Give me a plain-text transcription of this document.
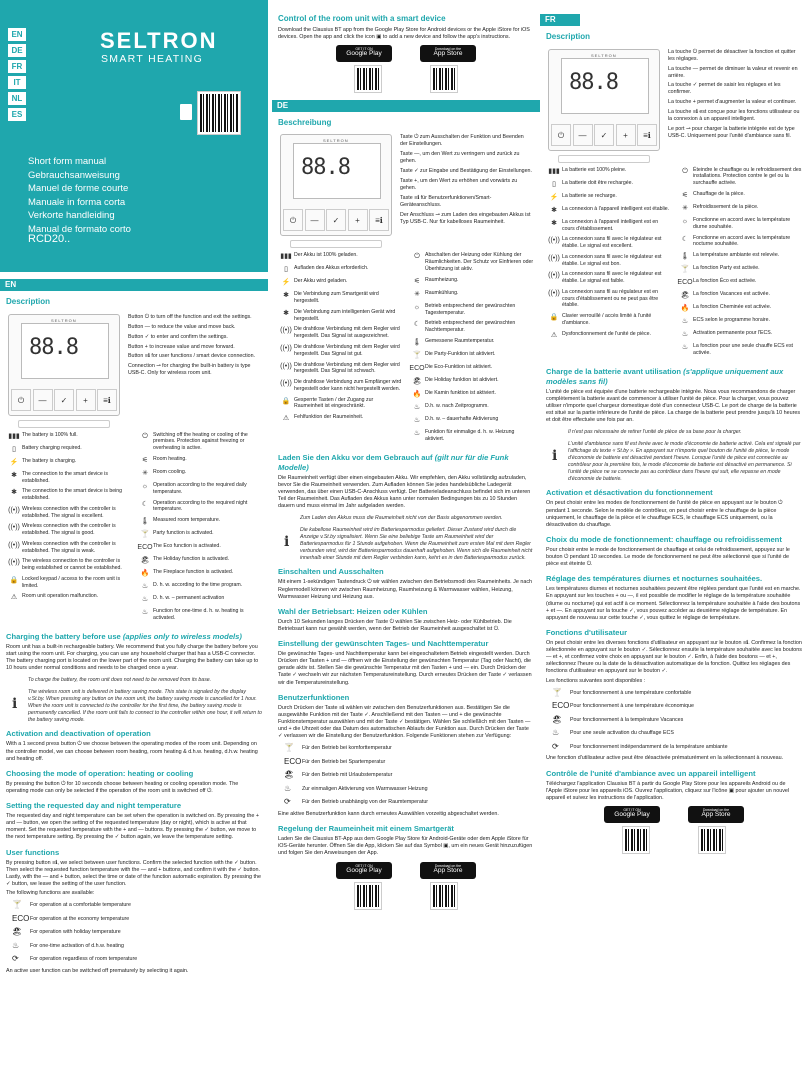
EN
DE
FR
IT
NL
ES
SELTRON
SMART HEATING
Short form manual
Gebrauchsanweisung
Manuel de forme courte
Manuale in forma corta
Verkorte handleiding
Manual de formato corto
RCD20..
EN
Description
SELTRON
88.8
⏻	—	✓	+	≡ℹ
Button ⏻ to turn off the function and exit the settings.
Button — to reduce the value and move back.
Button ✓ to enter and confirm the settings.
Button + to increase value and move forward.
Button ≡ℹ for user functions / smart device connection.
Connection ⊸ for charging the built-in battery is type USB-C. Only for wireless room unit.
▮▮▮ The battery is 100% full.
▯	Battery charging required.
⚡ The battery is charging.
✱ The connection to the smart device is established.
✱ The connection to the smart device is being established.
((•)) Wireless connection with the controller is established. The signal is excellent.
((•)) Wireless connection with the controller is established. The signal is good.
((•)) Wireless connection with the controller is established. The signal is weak.
((•)) The wireless connection to the controller is being established or cannot be established.
🔒 Locked keypad / access to the room unit is limited.
⚠ Room unit operation malfunction.
⏻	Switching off the heating or cooling of the premises. Protection against freezing or overheating is active.
⚟ Room heating.
✳ Room cooling.
☼ Operation according to the required daily temperature.
☾ Operation according to the required night temperature.
🌡 Measured room temperature.
🍸 Party function is activated.
ECO The Eco function is activated.
🏖 The Holiday function is activated.
🔥 The Fireplace function is activated.
♨ D. h. w. according to the time program.
♨ D. h. w. – permanent activation
♨ Function for one-time d. h. w. heating is activated.
Charging the battery before use (applies only to wireless models)

Room unit has a built-in rechargeable battery. We recommend that you fully charge the battery before you start using the room unit. For charging, you can use any household charger that has a USB-C connector. The battery charging port is located on the lower part of the room unit. Charging the battery can take up to 10 hours under normal conditions and needs to be charged once a year.

To charge the battery, the room unit does not need to be removed from its base.

i
The wireless room unit is delivered in battery saving mode. This state is signaled by the display v.St.by. When pressing any button on the room unit, the battery saving mode is cancelled for 1 hour. When the room unit is connected to the controller for the first time, the battery saving mode is permanently cancelled. If the room unit fails to connect to the controller within one hour, it will return to the battery saving mode.
Activation and deactivation of operation

With a 1 second press button ⏻ we choose between the operating modes of the room unit. Depending on the controller model, we can choose between room heating, room heating & d.h.w. heating, d.h.w. heating and heating off.

Choosing the mode of operation: heating or cooling

By pressing the button ⏻ for 10 seconds choose between heating or cooling operation mode. The operating mode can only be selected if the operation of the room unit is switched off ⏻.

Setting the requested day and night temperature

The requested day and night temperature can be set when the operation is switched on. By pressing the + and — button, we open the setting of the requested temperature (day or night), which is active at that moment. Set the requested temperature with the + and — buttons. By pressing the ✓ button, we move to the next temperature setting. By pressing the ✓ button again, we leave the temperature setting.

User functions

By pressing button ≡ℹ, we select between user functions. Confirm the selected function with the ✓ button. Then select the requested function temperature with the — and + buttons, and confirm it with the ✓ button. Lastly, with the — and + button, select the time or date of the function automatic expiration. By pressing the ✓ button, we leave the setting of the user function.

The following functions are available:

🍸	For operation at a comfortable temperature
ECO For operation at the economy temperature
🏖	For operation with holiday temperature
♨	For one-time activation of d.h.w. heating
⟳	For operation regardless of room temperature

An active user function can be switched off prematurely by selecting it again.

Control of the room unit with a smart device

Download the Clausius BT app from the Google Play Store for Android devices or the Apple iStore for iOS devices. Open the app and click the icon ▣ to add a new device and follow the app's instructions.

GET IT ON
Google Play
Download on the
App Store
DE
Beschreibung
SELTRON
88.8
⏻	—	✓	+	≡ℹ
Taste ⏻ zum Ausschalten der Funktion und Beenden der Einstellungen.
Taste —, um den Wert zu verringern und zurück zu gehen.
Taste ✓ zur Eingabe und Bestätigung der Einstellungen.
Taste +, um den Wert zu erhöhen und vorwärts zu gehen.
Taste ≡ℹ für Benutzerfunktionen/Smart-Geräteanschluss.
Der Anschluss ⊸ zum Laden des eingebauten Akkus ist Typ USB-C. Nur für kabelloses Raumeinheit.
▮▮▮ Der Akku ist 100% geladen.
▯	Aufladen des Akkus erforderlich.
⚡ Der Akku wird geladen.
✱ Die Verbindung zum Smartgerät wird hergestellt.
✱ Die Verbindung zum intelligenten Gerät wird hergestellt.
((•)) Die drahtlose Verbindung mit dem Regler wird hergestellt. Das Signal ist ausgezeichnet.
((•)) Die drahtlose Verbindung mit dem Regler wird hergestellt. Das Signal ist gut.
((•)) Die drahtlose Verbindung mit dem Regler wird hergestellt. Das Signal ist schwach.
((•)) Die drahtlose Verbindung zum Empfänger wird hergestellt oder kann nicht hergestellt werden.
🔒 Gesperrte Tasten / der Zugang zur Raumeinheit ist eingeschränkt.
⚠ Fehlfunktion der Raumeinheit.
⏻	Abschalten der Heizung oder Kühlung der Räumlichkeiten. Der Schutz vor Einfrieren oder Überhitzung ist aktiv.
⚟ Raumheizung.
✳ Raumkühlung.
☼ Betrieb entsprechend der gewünschten Tagestemperatur.
☾ Betrieb entsprechend der gewünschten Nachttemperatur.
🌡 Gemessene Raumtemperatur.
🍸 Die Party-Funktion ist aktiviert.
ECO Die Eco-Funktion ist aktiviert.
🏖 Die Holiday funktion ist aktiviert.
🔥 Die Kamin funktion ist aktiviert.
♨ D.h. w. nach Zeitprogramm.
♨ D.h. w. – dauerhafte Aktivierung
♨ Funktion für einmalige d. h. w. Heizung aktiviert.
Laden Sie den Akku vor dem Gebrauch auf (gilt nur für die Funk Modelle)

Die Raumeinheit verfügt über einen eingebauten Akku. Wir empfehlen, den Akku vollständig aufzuladen, bevor Sie die Raumeinheit verwenden. Zum Aufladen können Sie jedes handelsübliche Ladegerät verwenden, das über einen USB-C-Anschluss verfügt. Der Batterieladeanschluss befindet sich im unteren Teil der Raumeinheit. Das Aufladen des Akkus kann unter normalen Bedingungen bis zu 10 Stunden dauern und muss einmal im Jahr aufgeladen werden.

Zum Laden des Akkus muss die Raumeinheit nicht von der Basis abgenommen werden.

i
Die kabellose Raumeinheit wird im Batteriesparmodus geliefert. Dieser Zustand wird durch die Anzeige v.St.by signalisiert. Wenn Sie eine beliebige Taste am Raumeinheit wird der Batteriesparmodus für 1 Stunde aufgehoben. Wenn die Raumeinheit zum ersten Mal mit dem Regler verbunden wird, wird der Batteriesparmodus dauerhaft aufgehoben. Wenn sich die Raumeinheit nicht innerhalb einer Stunde mit dem Regler verbinden kann, kehrt es in den Batteriesparmodus zurück.
Einschalten und Ausschalten

Mit einem 1-sekündigen Tastendruck ⏻ wir wählen zwischen den Betriebsmodi des Raumeinheits. Je nach Reglermodell können wir zwischen Raumheizung, Raumheizung & Warmwasser wählen, Heizung, Warmwasser Heizung und Heizung aus.

Wahl der Betriebsart: Heizen oder Kühlen

Durch 10 Sekunden langes Drücken der Taste ⏻ wählen Sie zwischen Heiz- oder Kühlbetrieb. Die Betriebsart kann nur gewählt werden, wenn der Betrieb der Raumeinheit ausgeschaltet ist ⏻.

Einstellung der gewünschten Tages- und Nachttemperatur

Die gewünschte Tages- und Nachttemperatur kann bei eingeschaltetem Betrieb eingestellt werden. Durch Drücken der Tasten + und — öffnen wir die Einstellung der gewünschten Temperatur (Tag oder Nacht), die gerade aktiv ist. Stellen Sie die gewünschte Temperatur mit den Tasten + und — ein. Durch Drücken der Taste ✓ wechseln wir zur nächsten Temperatureinstellung. Durch erneutes Drücken der Taste ✓ verlassen wir die Temperatureinstellung.

Benutzerfunktionen

Durch Drücken der Taste ≡ℹ wählen wir zwischen den Benutzerfunktionen aus. Bestätigen Sie die ausgewählte Funktion mit der Taste ✓. Anschließend mit den Tasten — und + die gewünschte Funktionstemperatur auswählen und mit der Taste ✓ bestätigen. Wählen Sie schließlich mit den Tasten — und + die Uhrzeit oder das Datum des automatischen Ablaufs der Funktion aus. Durch Drücken der Taste ✓ verlassen wir die Einstellung der Benutzerfunktion. Folgende Funktionen stehen zur Verfügung:

🍸	Für den Betrieb bei komforttemperatur
ECO Für den Betrieb bei Spartemperatur
🏖	Für den Betrieb mit Urlaubstemperatur
♨	Zur einmaligen Aktivierung von Warmwasser Heizung
⟳	Für den Betrieb unabhängig von der Raumtemperatur

Eine aktive Benutzerfunktion kann durch erneutes Auswählen vorzeitig abgeschaltet werden.

Regelung der Raumeinheit mit einem Smartgerät

Laden Sie die Clausius BT-App aus dem Google Play Store für Android-Geräte oder dem Apple iStore für iOS-Geräte herunter. Öffnen Sie die App, klicken Sie auf das Symbol ▣, um ein neues Gerät hinzuzufügen und folgen Sie den Anweisungen der App.

GET IT ON
Google Play
Download on the
App Store
FR
Description
SELTRON
88.8
⏻	—	✓	+	≡ℹ
La touche ⏻ permet de désactiver la fonction et quitter les réglages.
La touche — permet de diminuer la valeur et revenir en arrière.
La touche ✓ permet de saisir les réglages et les confirmer.
La touche + permet d'augmenter la valeur et continuer.
La touche ≡ℹ est conçue pour les fonctions utilisateur ou la connexion à un appareil intelligent.
Le port ⊸ pour charger la batterie intégrée est de type USB-C. Uniquement pour l'unité d'ambiance sans fil.
▮▮▮ La batterie est 100% pleine.
▯	La batterie doit être rechargée.
⚡ La batterie se recharge.
✱ La connexion à l'appareil intelligent est établie.
✱ La connexion à l'appareil intelligent est en cours d'établissement.
((•)) La connexion sans fil avec le régulateur est établie. Le signal est excellent.
((•)) La connexion sans fil avec le régulateur est établie. Le signal est bon.
((•)) La connexion sans fil avec le régulateur est établie. Le signal est faible.
((•)) La connexion sans fil au régulateur est en cours d'établissement ou ne peut pas être établie.
🔒 Clavier verrouillé / accès limité à l'unité d'ambiance.
⚠ Dysfonctionnement de l'unité de pièce.
⏻	Éteindre le chauffage ou le refroidissement des installations. Protection contre le gel ou la surchauffe activée.
⚟ Chauffage de la pièce.
✳ Refroidissement de la pièce.
☼ Fonctionne en accord avec la température diurne souhaitée.
☾ Fonctionne en accord avec la température nocturne souhaitée.
🌡 La température ambiante est relevée.
🍸 La fonction Party est activée.
ECO La fonction Éco est activée.
🏖 La fonction Vacances est activée.
🔥 La fonction Cheminée est activée.
♨ ECS selon le programme horaire.
♨ Activation permanente pour l'ECS.
♨ La fonction pour une seule chauffe ECS est activée.
Charge de la batterie avant utilisation (s'applique uniquement aux modèles sans fil)

L'unité de pièce est équipée d'une batterie rechargeable intégrée. Nous vous recommandons de charger complètement la batterie avant de commencer à utiliser l'unité de pièce. Pour la charger, vous pouvez utiliser n'importe quel chargeur domestique doté d'un connecteur USB-C. Le port de charge de la batterie est situé sur la partie inférieure de l'unité de pièce. La charge de la batterie peut prendre jusqu'à 10 heures et doit être effectuée une fois par an.

Il n'est pas nécessaire de retirer l'unité de pièce de sa base pour la charger.

i
L'unité d'ambiance sans fil est livrée avec le mode d'économie de batterie activé. Cela est signalé par l'affichage du texte « St.by ». En appuyant sur n'importe quel bouton de l'unité de pièce, le mode d'économie de batterie est désactivé pendant l'heure. Lorsque l'unité de pièce est connectée au contrôleur pour la première fois, le mode d'économie de batterie est désactivé en permanence. Si l'unité de pièce ne se connecte pas au contrôleur dans l'heure qui suit, elle repasse en mode d'économie de batterie.
Activation et désactivation du fonctionnement

On peut choisir entre les modes de fonctionnement de l'unité de pièce en appuyant sur le bouton ⏻ pendant 1 seconde. Selon le modèle de contrôleur, on peut choisir entre le chauffage de la pièce uniquement, le chauffage de la pièce et le chauffage ECS, le chauffage ECS uniquement, ou la désactivation du chauffage.

Choix du mode de fonctionnement: chauffage ou refroidissement

Pour choisir entre le mode de fonctionnement de chauffage et celui de refroidissement, appuyez sur le bouton ⏻ pendant 10 secondes. Le mode de fonctionnement ne peut être sélectionné que si l'unité de pièce est éteinte ⏻.

Réglage des températures diurnes et nocturnes souhaitées.

Les températures diurnes et nocturnes souhaitées peuvent être réglées pendant que l'unité est en marche. En appuyant sur les touches + ou —, il est possible de modifier le réglage de la température souhaitée (diurne ou nocturne) qui est actif à ce moment. Sélectionnez la température souhaitée à l'aide des boutons + et —. En appuyant sur la touche ✓, vous pouvez accéder au deuxième réglage de température. En appuyant de nouveau sur cette touche ✓, vous quittez le réglage de température.

Fonctions d'utilisateur

On peut choisir entre les diverses fonctions d'utilisateur en appuyant sur le bouton ≡ℹ. Confirmez la fonction sélectionnée en appuyant sur le bouton ✓. Sélectionnez ensuite la température souhaitée avec les boutons — et +, et confirmez votre choix en appuyant sur le bouton ✓. Enfin, à l'aide des boutons — et +, sélectionnez l'heure ou la date de la désactivation automatique de la fonction. Quittez les réglages des fonctions d'utilisateur en appuyant sur le bouton ✓.

Les fonctions suivantes sont disponibles :

🍸	Pour fonctionnement à une température confortable
ECO Pour fonctionnement à une température économique
🏖	Pour fonctionnement à la température Vacances
♨	Pour une seule activation du chauffage ECS
⟳	Pour fonctionnement indépendamment de la température ambiante

Une fonction d'utilisateur active peut être désactivée prématurément en la sélectionnant à nouveau.

Contrôle de l'unité d'ambiance avec un appareil intelligent

Téléchargez l'application Clausius BT à partir du Google Play Store pour les appareils Android ou de l'Apple iStore pour les appareils iOS. Ouvrez l'application, cliquez sur l'icône ▣ pour ajouter un nouvel appareil et suivez les instructions de l'application.

GET IT ON
Google Play
Download on the
App Store
